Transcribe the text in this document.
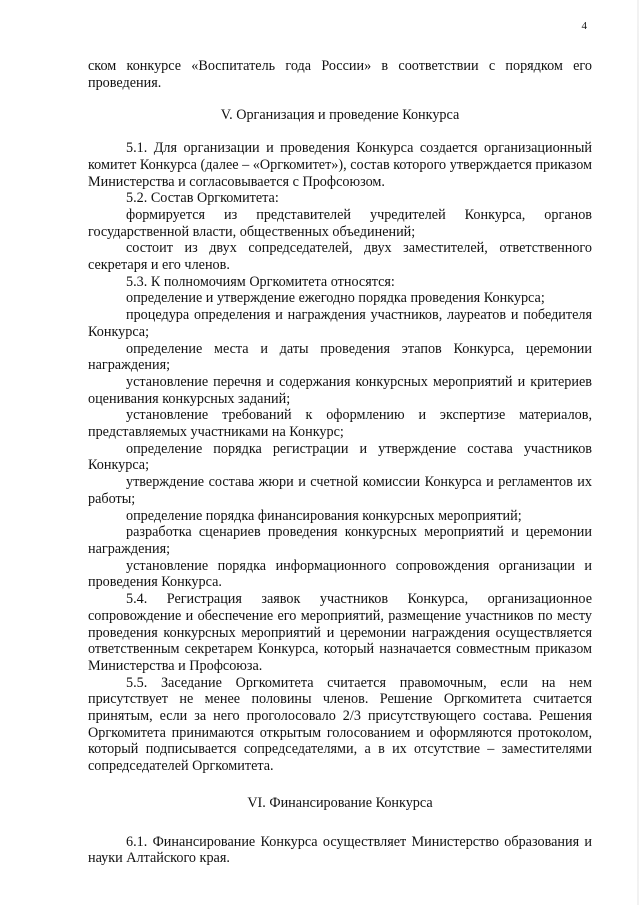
4

ском конкурсе «Воспитатель года России» в соответствии с порядком его проведения.

V. Организация и проведение Конкурса

5.1. Для организации и проведения Конкурса создается организационный комитет Конкурса (далее – «Оргкомитет»), состав которого утверждается приказом Министерства и согласовывается с Профсоюзом.

5.2. Состав Оргкомитета:

формируется из представителей учредителей Конкурса, органов государственной власти, общественных объединений;

состоит из двух сопредседателей, двух заместителей, ответственного секретаря и его членов.

5.3. К полномочиям Оргкомитета относятся:

определение и утверждение ежегодно порядка проведения Конкурса;

процедура определения и награждения участников, лауреатов и победителя Конкурса;

определение места и даты проведения этапов Конкурса, церемонии награждения;

установление перечня и содержания конкурсных мероприятий и критериев оценивания конкурсных заданий;

установление требований к оформлению и экспертизе материалов, представляемых участниками на Конкурс;

определение порядка регистрации и утверждение состава участников Конкурса;

утверждение состава жюри и счетной комиссии Конкурса и регламентов их работы;

определение порядка финансирования конкурсных мероприятий;

разработка сценариев проведения конкурсных мероприятий и церемонии награждения;

установление порядка информационного сопровождения организации и проведения Конкурса.

5.4. Регистрация заявок участников Конкурса, организационное сопровождение и обеспечение его мероприятий, размещение участников по месту проведения конкурсных мероприятий и церемонии награждения осуществляется ответственным секретарем Конкурса, который назначается совместным приказом Министерства и Профсоюза.

5.5. Заседание Оргкомитета считается правомочным, если на нем присутствует не менее половины членов. Решение Оргкомитета считается принятым, если за него проголосовало 2/3 присутствующего состава. Решения Оргкомитета принимаются открытым голосованием и оформляются протоколом, который подписывается сопредседателями, а в их отсутствие – заместителями сопредседателей Оргкомитета.

VI. Финансирование Конкурса

6.1. Финансирование Конкурса осуществляет Министерство образования и науки Алтайского края.
